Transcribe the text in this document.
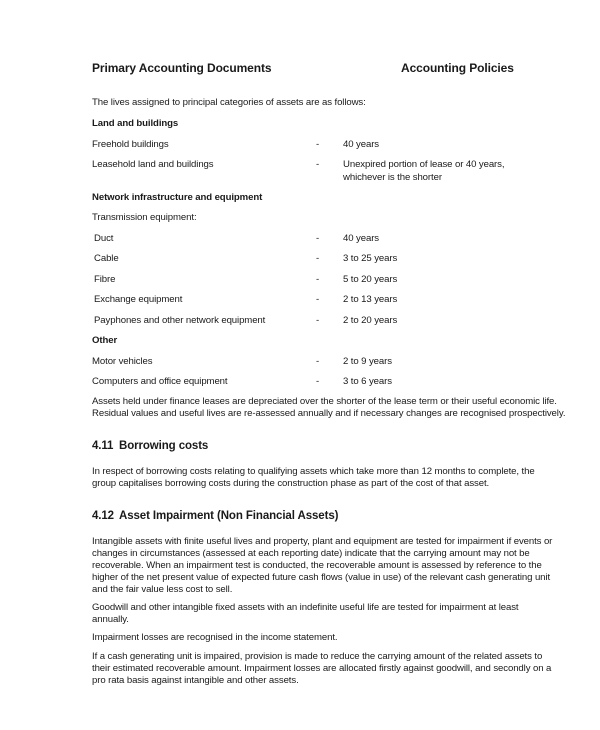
Primary Accounting Documents	Accounting Policies
The lives assigned to principal categories of assets are as follows:
Land and buildings
Freehold buildings	- 40 years
Leasehold land and buildings	- Unexpired portion of lease or 40 years,
whichever is the shorter
Network infrastructure and equipment
Transmission equipment:
Duct	- 40 years
Cable	- 3 to 25 years
Fibre	- 5 to 20 years
Exchange equipment	- 2 to 13 years
Payphones and other network equipment	- 2 to 20 years
Other
Motor vehicles	- 2 to 9 years
Computers and office equipment	- 3 to 6 years
Assets held under finance leases are depreciated over the shorter of the lease term or their useful economic life.
Residual values and useful lives are re-assessed annually and if necessary changes are recognised prospectively.
4.11 Borrowing costs
In respect of borrowing costs relating to qualifying assets which take more than 12 months to complete, the
group capitalises borrowing costs during the construction phase as part of the cost of that asset.
4.12 Asset Impairment (Non Financial Assets)
Intangible assets with finite useful lives and property, plant and equipment are tested for impairment if events or
changes in circumstances (assessed at each reporting date) indicate that the carrying amount may not be
recoverable. When an impairment test is conducted, the recoverable amount is assessed by reference to the
higher of the net present value of expected future cash flows (value in use) of the relevant cash generating unit
and the fair value less cost to sell.
Goodwill and other intangible fixed assets with an indefinite useful life are tested for impairment at least
annually.
Impairment losses are recognised in the income statement.
If a cash generating unit is impaired, provision is made to reduce the carrying amount of the related assets to
their estimated recoverable amount. Impairment losses are allocated firstly against goodwill, and secondly on a
pro rata basis against intangible and other assets.
